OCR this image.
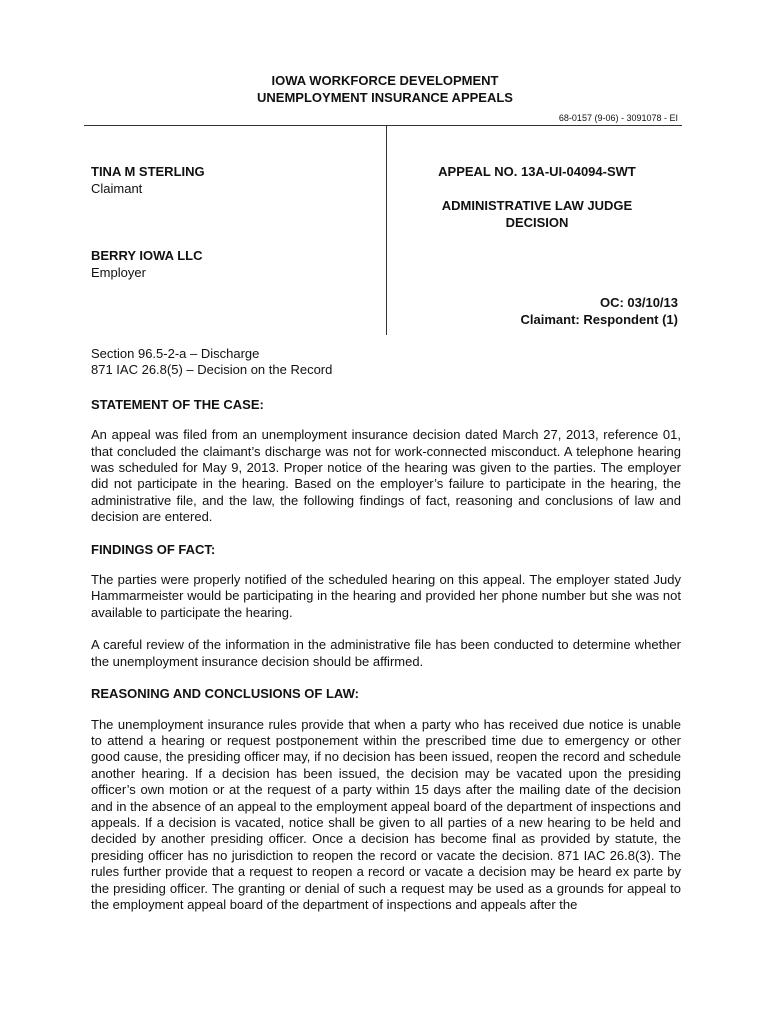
IOWA WORKFORCE DEVELOPMENT
UNEMPLOYMENT INSURANCE APPEALS
68-0157 (9-06) - 3091078 - EI
TINA M STERLING
Claimant
BERRY IOWA LLC
Employer
APPEAL NO. 13A-UI-04094-SWT
ADMINISTRATIVE LAW JUDGE
DECISION
OC: 03/10/13
Claimant: Respondent (1)

Section 96.5-2-a – Discharge
871 IAC 26.8(5) – Decision on the Record

STATEMENT OF THE CASE:

An appeal was filed from an unemployment insurance decision dated March 27, 2013, reference 01, that concluded the claimant’s discharge was not for work-connected misconduct. A telephone hearing was scheduled for May 9, 2013. Proper notice of the hearing was given to the parties. The employer did not participate in the hearing. Based on the employer’s failure to participate in the hearing, the administrative file, and the law, the following findings of fact, reasoning and conclusions of law and decision are entered.

FINDINGS OF FACT:

The parties were properly notified of the scheduled hearing on this appeal. The employer stated Judy Hammarmeister would be participating in the hearing and provided her phone number but she was not available to participate the hearing.

A careful review of the information in the administrative file has been conducted to determine whether the unemployment insurance decision should be affirmed.

REASONING AND CONCLUSIONS OF LAW:

The unemployment insurance rules provide that when a party who has received due notice is unable to attend a hearing or request postponement within the prescribed time due to emergency or other good cause, the presiding officer may, if no decision has been issued, reopen the record and schedule another hearing. If a decision has been issued, the decision may be vacated upon the presiding officer’s own motion or at the request of a party within 15 days after the mailing date of the decision and in the absence of an appeal to the employment appeal board of the department of inspections and appeals. If a decision is vacated, notice shall be given to all parties of a new hearing to be held and decided by another presiding officer. Once a decision has become final as provided by statute, the presiding officer has no jurisdiction to reopen the record or vacate the decision. 871 IAC 26.8(3). The rules further provide that a request to reopen a record or vacate a decision may be heard ex parte by the presiding officer. The granting or denial of such a request may be used as a grounds for appeal to the employment appeal board of the department of inspections and appeals after the
